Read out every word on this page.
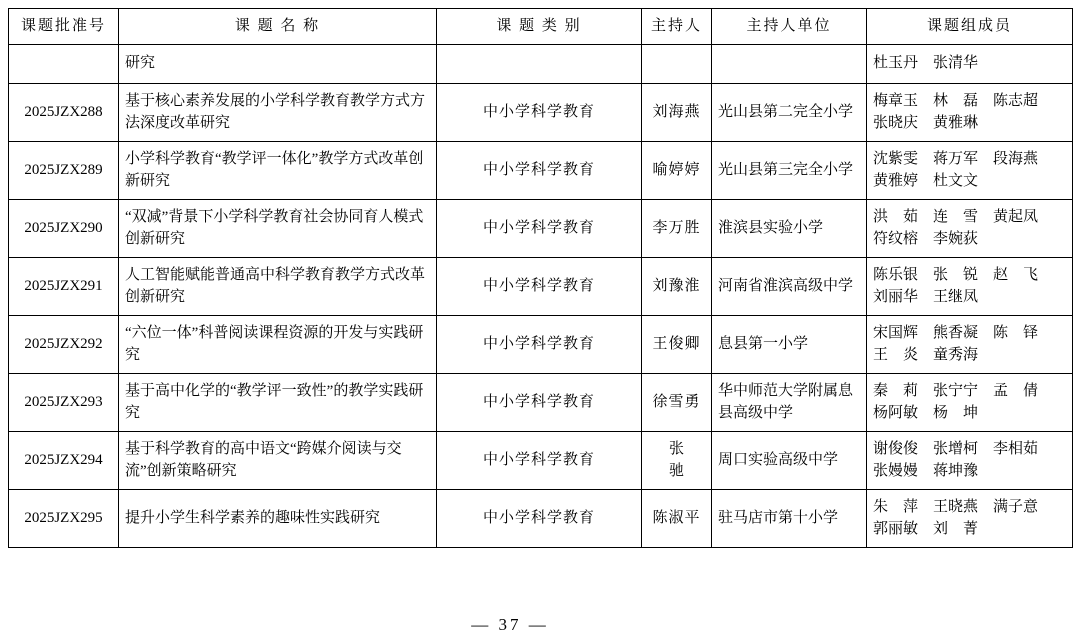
课题批准号	课 题 名 称	课 题 类 别	主持人	主持人单位	课题组成员
	研究				杜玉丹　张清华

2025JZX288	基于核心素养发展的小学科学教育教学方式方法深度改革研究	中小学科学教育	刘海燕	光山县第二完全小学	梅章玉　林　磊　陈志超
张晓庆　黄雅琳

2025JZX289	小学科学教育“教学评一体化”教学方式改革创新研究	中小学科学教育	喻婷婷	光山县第三完全小学	沈紫雯　蒋万军　段海燕
黄雅婷　杜文文

2025JZX290	“双减”背景下小学科学教育社会协同育人模式创新研究	中小学科学教育	李万胜	淮滨县实验小学	洪　茹　连　雪　黄起凤
符纹榕　李婉荻

2025JZX291	人工智能赋能普通高中科学教育教学方式改革创新研究	中小学科学教育	刘豫淮	河南省淮滨高级中学	陈乐银　张　锐　赵　飞
刘丽华　王继凤

2025JZX292	“六位一体”科普阅读课程资源的开发与实践研究	中小学科学教育	王俊卿	息县第一小学	宋国辉　熊香凝　陈　铎
王　炎　童秀海

2025JZX293	基于高中化学的“教学评一致性”的教学实践研究	中小学科学教育	徐雪勇	华中师范大学附属息县高级中学	秦　莉　张宁宁　孟　倩
杨阿敏　杨　坤

2025JZX294	基于科学教育的高中语文“跨媒介阅读与交流”创新策略研究	中小学科学教育	张　驰	周口实验高级中学	谢俊俊　张增柯　李相茹
张嫚嫚　蒋坤豫

2025JZX295	提升小学生科学素养的趣味性实践研究	中小学科学教育	陈淑平	驻马店市第十小学	朱　萍　王晓燕　满子意
郭丽敏　刘　菁
— 37 —
